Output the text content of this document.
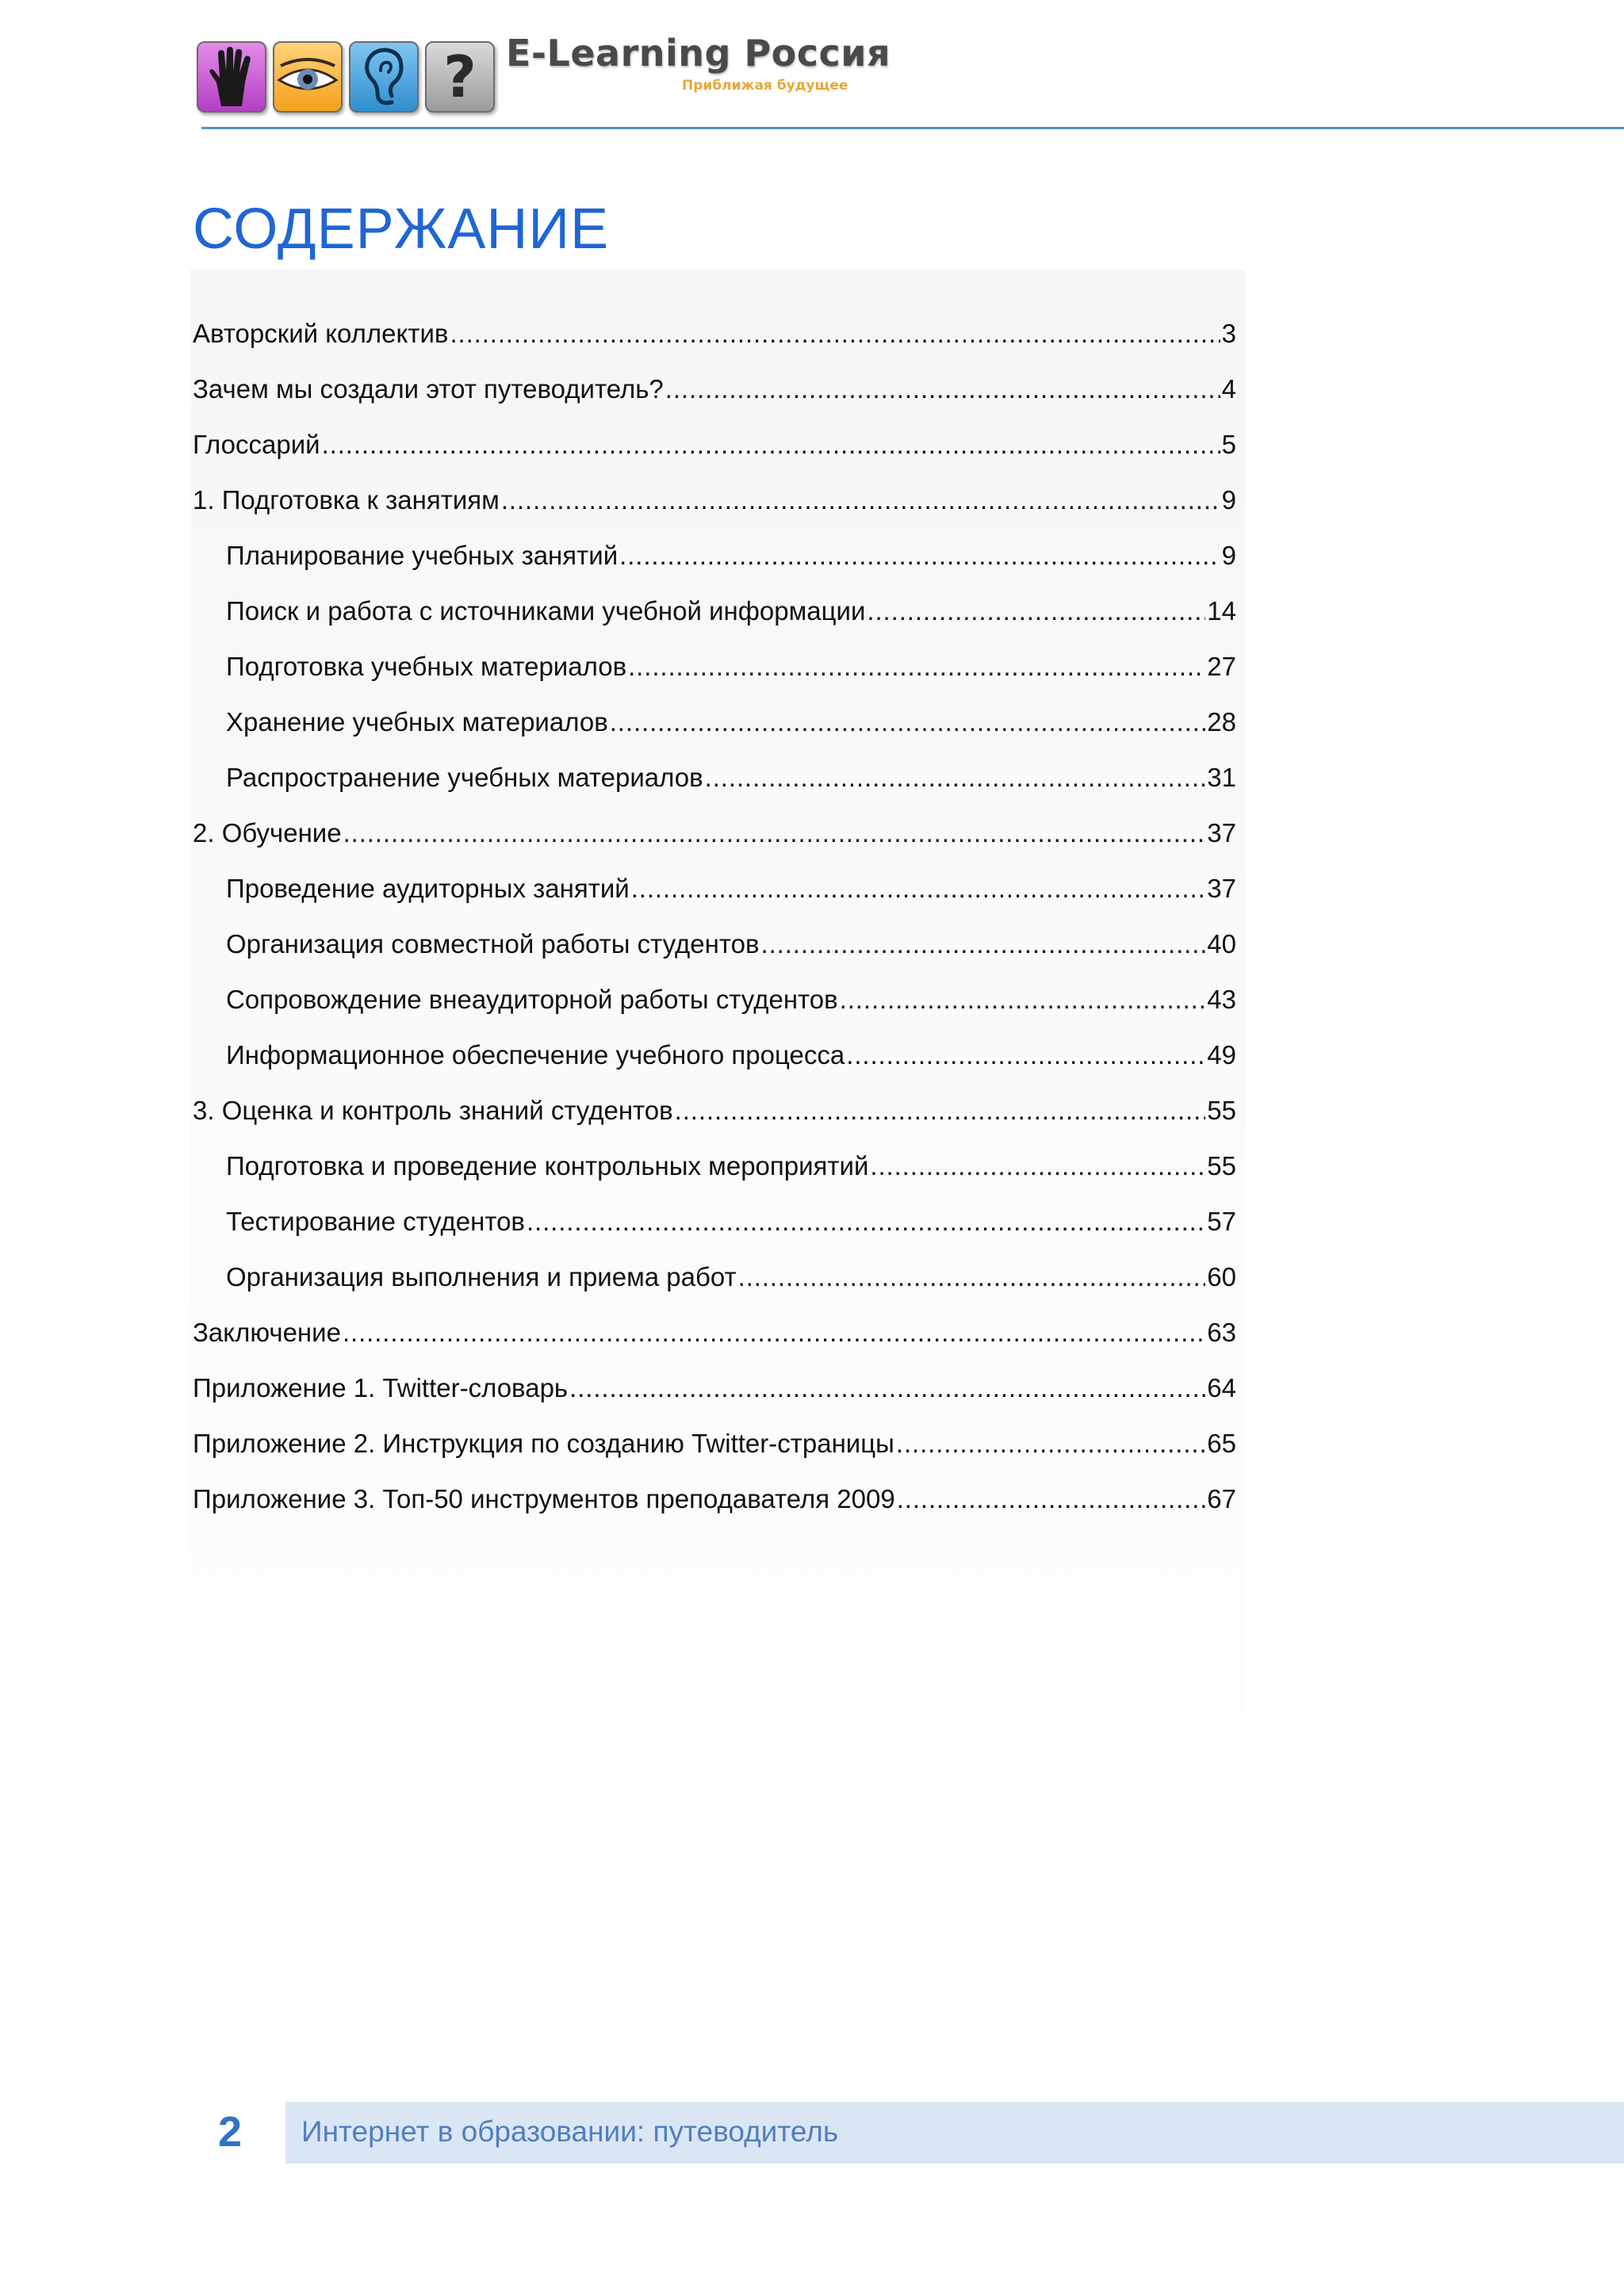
? E-Learning Россия
Приближая будущее
СОДЕРЖАНИЕ
Авторский коллектив .....	3
Зачем мы создали этот путеводитель? .....	4
Глоссарий .....	5
1. Подготовка к занятиям .....	9
Планирование учебных занятий .....	9
Поиск и работа с источниками учебной информации .....	14
Подготовка учебных материалов .....	27
Хранение учебных материалов .....	28
Распространение учебных материалов .....	31
2. Обучение .....	37
Проведение аудиторных занятий .....	37
Организация совместной работы студентов .....	40
Сопровождение внеаудиторной работы студентов .....	43
Информационное обеспечение учебного процесса .....	49
3. Оценка и контроль знаний студентов .....	55
Подготовка и проведение контрольных мероприятий .....	55
Тестирование студентов .....	57
Организация выполнения и приема работ .....	60
Заключение .....	63
Приложение 1. Twitter-словарь .....	64
Приложение 2. Инструкция по созданию Twitter-страницы .....	65
Приложение 3. Топ-50 инструментов преподавателя 2009 .....	67
2 Интернет в образовании: путеводитель
